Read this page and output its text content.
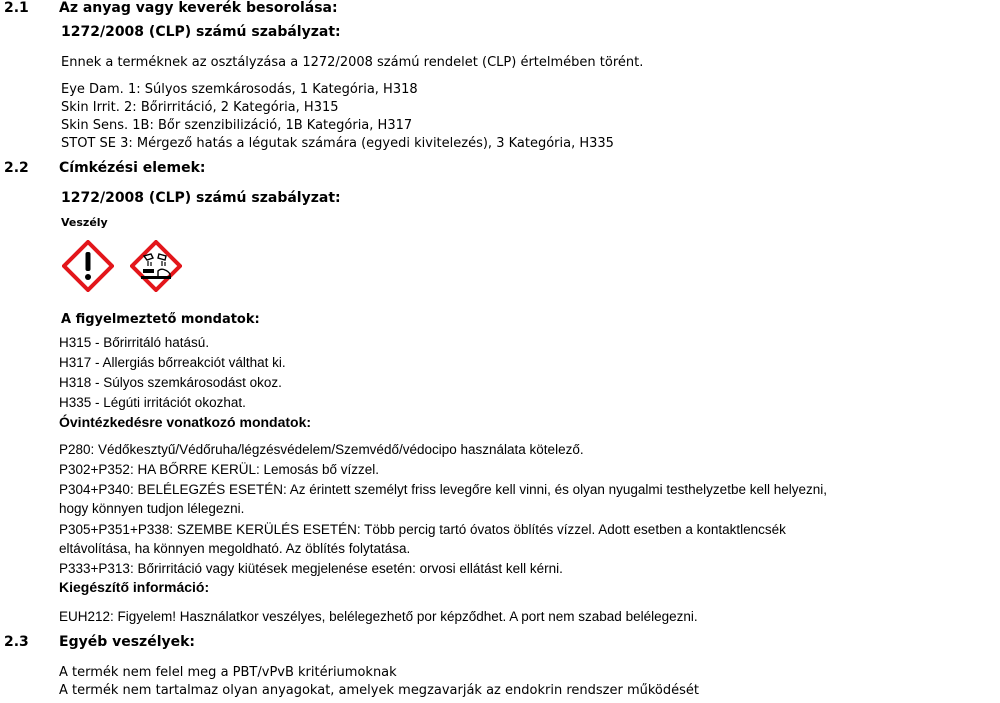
2.1 Az anyag vagy keverék besorolása:
1272/2008 (CLP) számú szabályzat:
Ennek a terméknek az osztályzása a 1272/2008 számú rendelet (CLP) értelmében törént.
Eye Dam. 1: Súlyos szemkárosodás, 1 Kategória, H318
Skin Irrit. 2: Bőrirritáció, 2 Kategória, H315
Skin Sens. 1B: Bőr szenzibilizáció, 1B Kategória, H317
STOT SE 3: Mérgező hatás a légutak számára (egyedi kivitelezés), 3 Kategória, H335
2.2 Címkézési elemek:
1272/2008 (CLP) számú szabályzat:
Veszély
A figyelmeztető mondatok:
H315 - Bőrirritáló hatású.
H317 - Allergiás bőrreakciót válthat ki.
H318 - Súlyos szemkárosodást okoz.
H335 - Légúti irritációt okozhat.
Óvintézkedésre vonatkozó mondatok:
P280: Védőkesztyű/Védőruha/légzésvédelem/Szemvédő/védocipo használata kötelező.
P302+P352: HA BŐRRE KERÜL: Lemosás bő vízzel.
P304+P340: BELÉLEGZÉS ESETÉN: Az érintett személyt friss levegőre kell vinni, és olyan nyugalmi testhelyzetbe kell helyezni,
hogy könnyen tudjon lélegezni.
P305+P351+P338: SZEMBE KERÜLÉS ESETÉN: Több percig tartó óvatos öblítés vízzel. Adott esetben a kontaktlencsék
eltávolítása, ha könnyen megoldható. Az öblítés folytatása.
P333+P313: Bőrirritáció vagy kiütések megjelenése esetén: orvosi ellátást kell kérni.
Kiegészítő információ:
EUH212: Figyelem! Használatkor veszélyes, belélegezhető por képződhet. A port nem szabad belélegezni.
2.3 Egyéb veszélyek:
A termék nem felel meg a PBT/vPvB kritériumoknak
A termék nem tartalmaz olyan anyagokat, amelyek megzavarják az endokrin rendszer működését
